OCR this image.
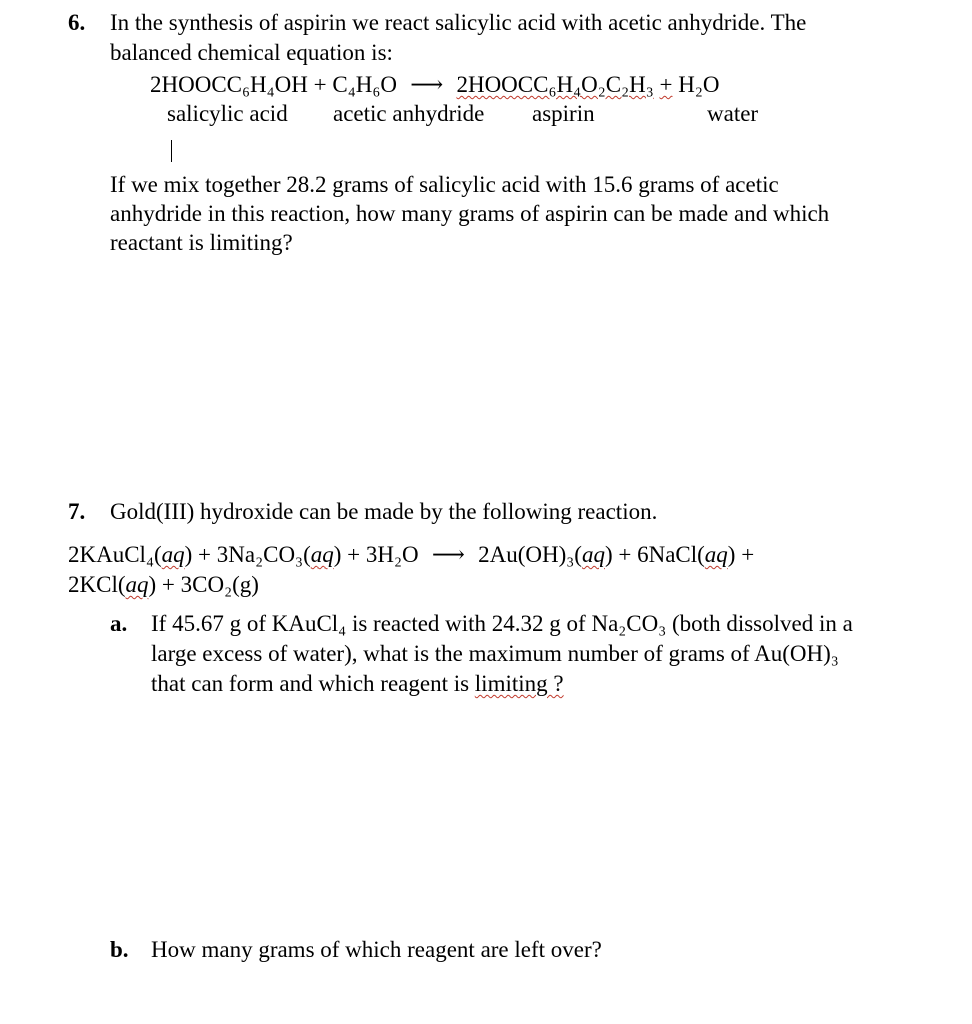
6. In the synthesis of aspirin we react salicylic acid with acetic anhydride. The
balanced chemical equation is:
2HOOCC₆H₄OH + C₄H₆O ⟶ 2HOOCC₆H₄O₂C₂H₃ + H₂O
salicylic acid acetic anhydride aspirin	water
If we mix together 28.2 grams of salicylic acid with 15.6 grams of acetic
anhydride in this reaction, how many grams of aspirin can be made and which
reactant is limiting?
7. Gold(III) hydroxide can be made by the following reaction.
2KAuCl₄(aq) + 3Na₂CO₃(aq) + 3H₂O ⟶ 2Au(OH)₃(aq) + 6NaCl(aq) +
2KCl(aq) + 3CO₂(g)
a. If 45.67 g of KAuCl₄ is reacted with 24.32 g of Na₂CO₃ (both dissolved in a
large excess of water), what is the maximum number of grams of Au(OH)₃
that can form and which reagent is limiting ?
b. How many grams of which reagent are left over?
